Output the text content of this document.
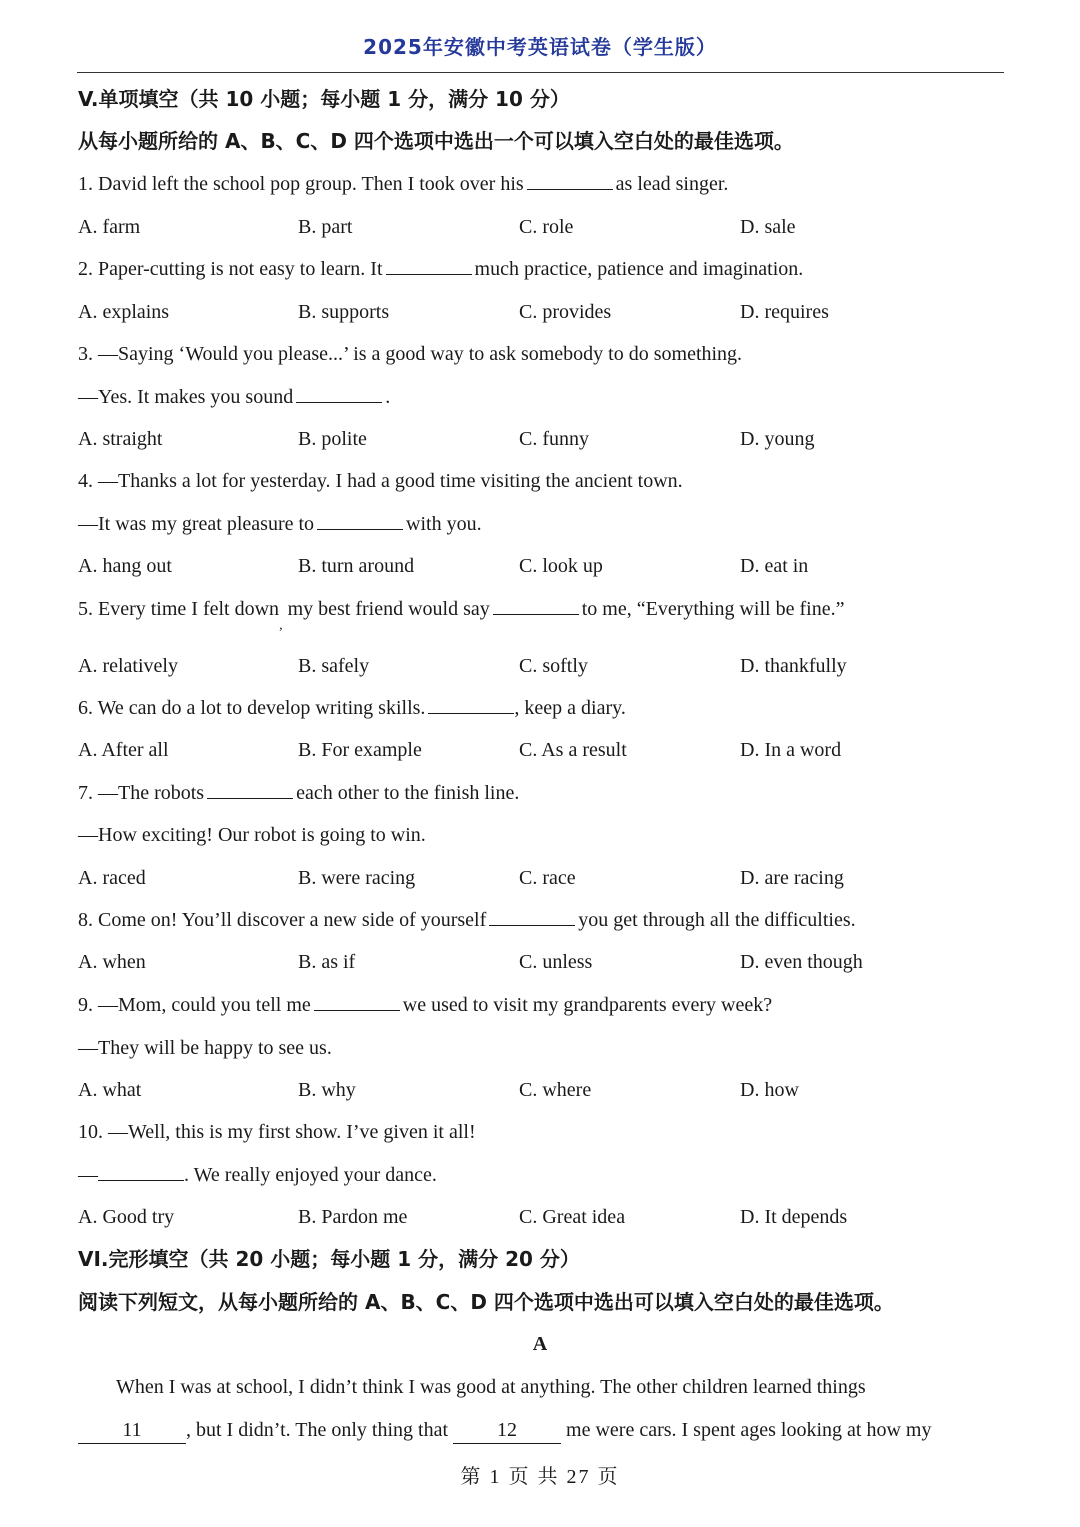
2025年安徽中考英语试卷（学生版）
V.单项填空（共 10 小题；每小题 1 分，满分 10 分）
从每小题所给的 A、B、C、D 四个选项中选出一个可以填入空白处的最佳选项。
1. David left the school pop group. Then I took over his	as lead singer.
A. farm	B. part	C. role	D. sale
2. Paper-cutting is not easy to learn. It	much practice, patience and imagination.
A. explains	B. supports	C. provides	D. requires
3. —Saying ‘Would you please...’ is a good way to ask somebody to do something.
—Yes. It makes you sound	.
A. straight	B. polite	C. funny	D. young
4. —Thanks a lot for yesterday. I had a good time visiting the ancient town.
—It was my great pleasure to	with you.
A. hang out	B. turn around	C. look up	D. eat in
5. Every time I felt down$_,$ my best friend would say	to me, “Everything will be fine.”
A. relatively	B. safely	C. softly	D. thankfully
6. We can do a lot to develop writing skills.	, keep a diary.
A. After all	B. For example	C. As a result	D. In a word
7. —The robots	each other to the finish line.
—How exciting! Our robot is going to win.
A. raced	B. were racing	C. race	D. are racing
8. Come on! You’ll discover a new side of yourself	you get through all the difficulties.
A. when	B. as if	C. unless	D. even though
9. —Mom, could you tell me	we used to visit my grandparents every week?
—They will be happy to see us.
A. what	B. why	C. where	D. how
10. —Well, this is my first show. I’ve given it all!
—	. We really enjoyed your dance.
A. Good try	B. Pardon me	C. Great idea	D. It depends
VI.完形填空（共 20 小题；每小题 1 分，满分 20 分）
阅读下列短文，从每小题所给的 A、B、C、D 四个选项中选出可以填入空白处的最佳选项。
A
When I was at school, I didn’t think I was good at anything. The other children learned things
11 , but I didn’t. The only thing that 12 me were cars. I spent ages looking at how my
第 1 页 共 27 页
